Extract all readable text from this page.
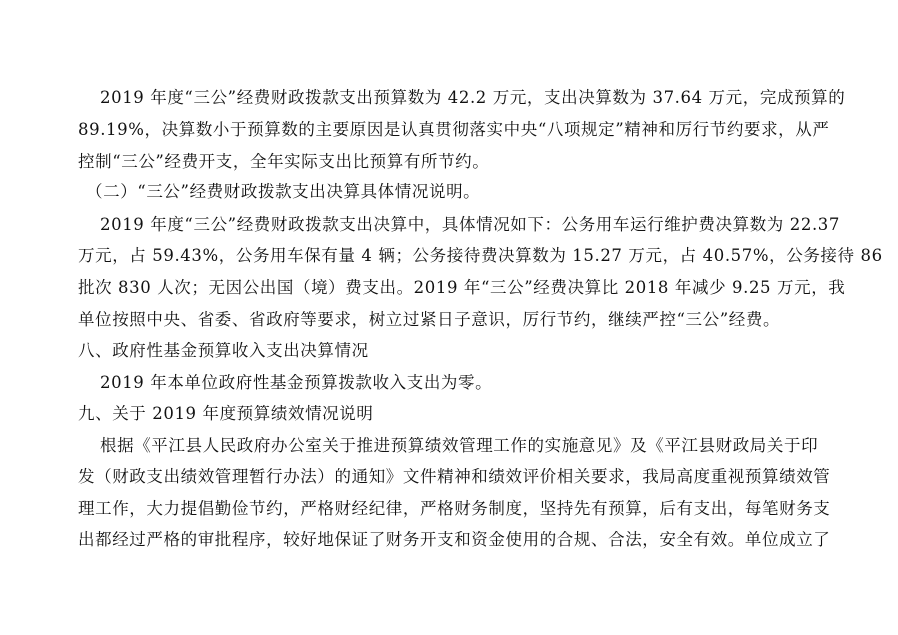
2019 年度“三公”经费财政拨款支出预算数为 42.2 万元，支出决算数为 37.64 万元，完成预算的
89.19%，决算数小于预算数的主要原因是认真贯彻落实中央“八项规定”精神和厉行节约要求，从严
控制“三公”经费开支，全年实际支出比预算有所节约。
（二）“三公”经费财政拨款支出决算具体情况说明。
2019 年度“三公”经费财政拨款支出决算中，具体情况如下：公务用车运行维护费决算数为 22.37
万元，占 59.43%，公务用车保有量 4 辆；公务接待费决算数为 15.27 万元，占 40.57%，公务接待 86
批次 830 人次；无因公出国（境）费支出。2019 年“三公”经费决算比 2018 年减少 9.25 万元，我
单位按照中央、省委、省政府等要求，树立过紧日子意识，厉行节约，继续严控“三公”经费。
八、政府性基金预算收入支出决算情况
2019 年本单位政府性基金预算拨款收入支出为零。
九、关于 2019 年度预算绩效情况说明
根据《平江县人民政府办公室关于推进预算绩效管理工作的实施意见》及《平江县财政局关于印
发（财政支出绩效管理暂行办法）的通知》文件精神和绩效评价相关要求，我局高度重视预算绩效管
理工作，大力提倡勤俭节约，严格财经纪律，严格财务制度，坚持先有预算，后有支出，每笔财务支
出都经过严格的审批程序，较好地保证了财务开支和资金使用的合规、合法，安全有效。单位成立了
